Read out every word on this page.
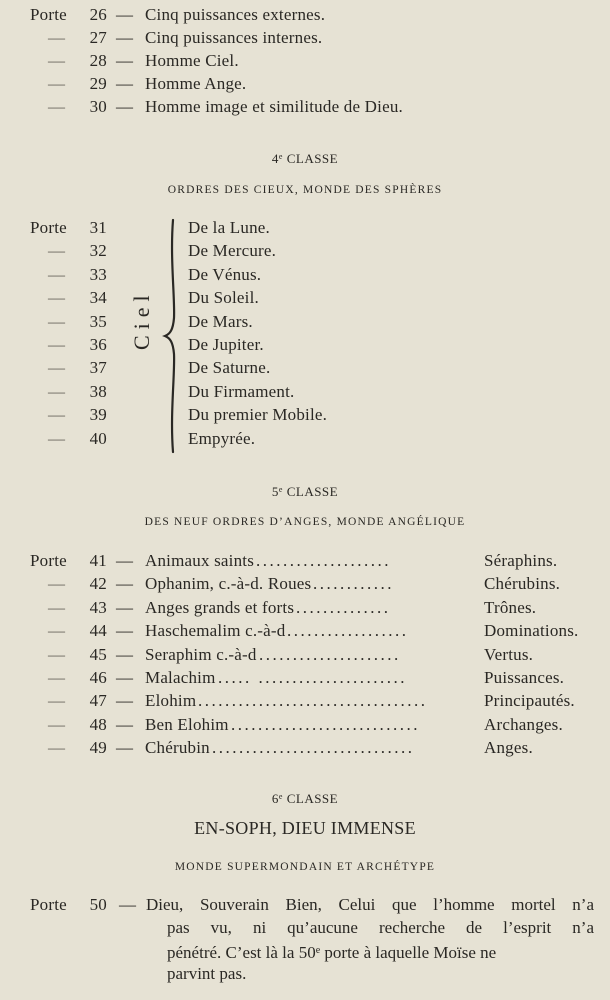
Porte	26 — Cinq puissances externes.
—	27 — Cinq puissances internes.
—	28 — Homme Ciel.
—	29 — Homme Ange.
—	30 — Homme image et similitude de Dieu.
4e CLASSE
ORDRES DES CIEUX, MONDE DES SPHÈRES
Porte	31	De la Lune.
—	32	De Mercure.
—	33	De Vénus.
—	34	Du Soleil.
—	35	De Mars.
—	36	De Jupiter.
—	37	De Saturne.
—	38	Du Firmament.
—	39	Du premier Mobile.
—	40	Empyrée.
Ciel
5e CLASSE
DES NEUF ORDRES D’ANGES, MONDE ANGÉLIQUE
Porte	41 — Animaux saints ....................	Séraphins.
—	42 — Ophanim, c.-à-d. Roues ............	Chérubins.
—	43 — Anges grands et forts ..............	Trônes.
—	44 — Haschemalim c.-à-d ..................	Dominations.
—	45 — Seraphim c.-à-d .....................	Vertus.
—	46 — Malachim ..... ......................	Puissances.
—	47 — Elohim ..................................	Principautés.
—	48 — Ben Elohim ............................	Archanges.
—	49 — Chérubin ..............................	Anges.
6e CLASSE
EN-SOPH, DIEU IMMENSE
MONDE SUPERMONDAIN ET ARCHÉTYPE
Porte	50 — Dieu, Souverain Bien, Celui que l’homme mortel n’a
pas vu, ni qu’aucune recherche de l’esprit n’a
pénétré. C’est là la 50e porte à laquelle Moïse ne
parvint pas.
